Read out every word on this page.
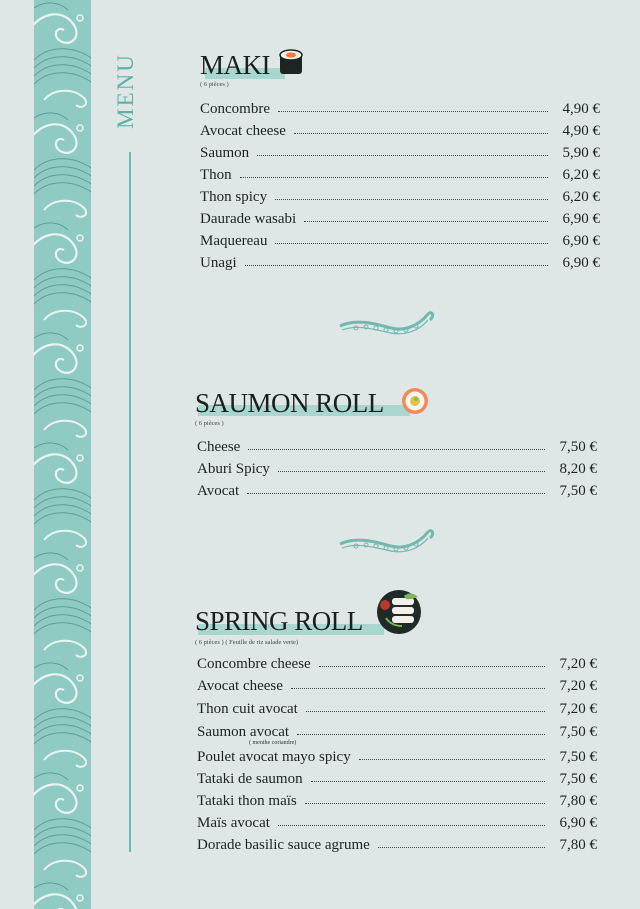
MENU MAKI
( 6 pièces )
Concombre	4,90 €
Avocat cheese	4,90 €
Saumon	5,90 €
Thon	6,20 €
Thon spicy	6,20 €
Daurade wasabi	6,90 €
Maquereau	6,90 €
Unagi	6,90 €
SAUMON ROLL
( 6 pièces )
Cheese	7,50 €
Aburi Spicy	8,20 €
Avocat	7,50 €
SPRING ROLL
( 6 pièces ) ( Feuille de riz salade verte)
Concombre cheese	7,20 €
Avocat cheese	7,20 €
Thon cuit avocat	7,20 €
Saumon avocat	7,50 €
( menthe coriandre)
Poulet avocat mayo spicy	7,50 €
Tataki de saumon	7,50 €
Tataki thon maïs	7,80 €
Maïs avocat	6,90 €
Dorade basilic sauce agrume	7,80 €
